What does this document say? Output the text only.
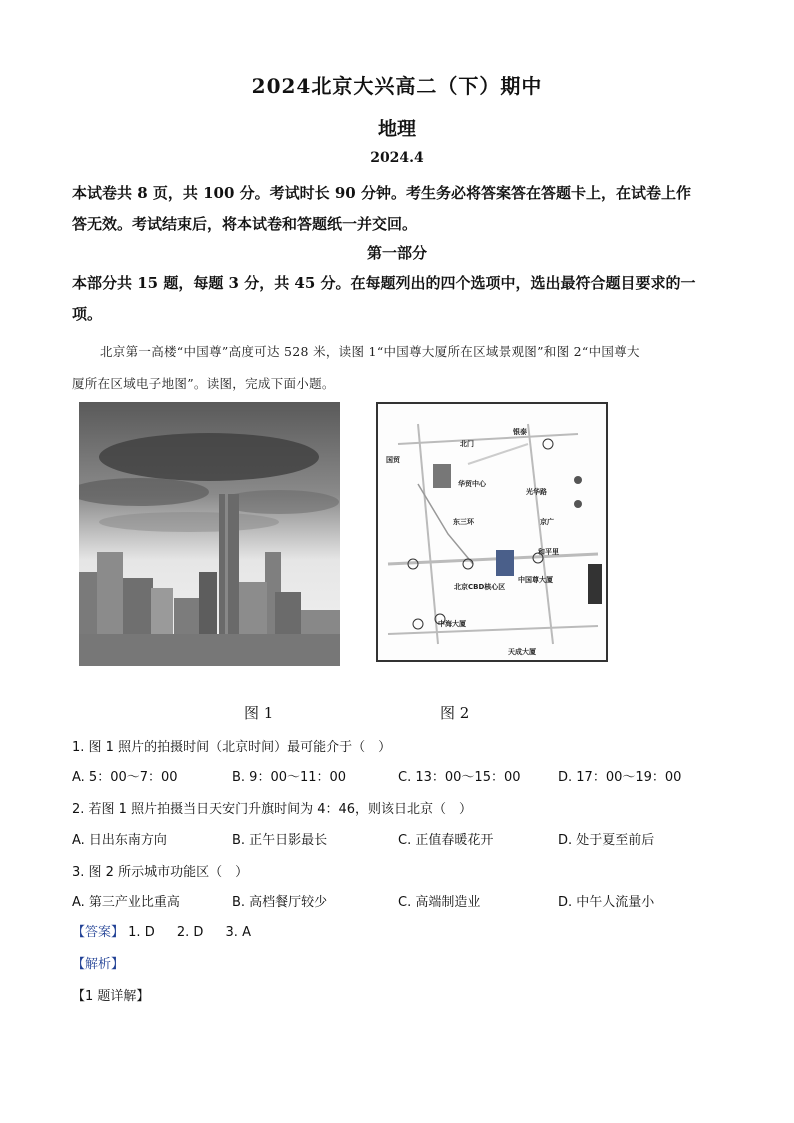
2024北京大兴高二（下）期中
地理
2024.4
本试卷共 8 页，共 100 分。考试时长 90 分钟。考生务必将答案答在答题卡上，在试卷上作
答无效。考试结束后，将本试卷和答题纸一并交回。
第一部分
本部分共 15 题，每题 3 分，共 45 分。在每题列出的四个选项中，选出最符合题目要求的一
项。
北京第一高楼“中国尊”高度可达 528 米，读图 1“中国尊大厦所在区域景观图”和图 2“中国尊大
厦所在区域电子地图”。读图，完成下面小题。
北门
东三环
国贸
北京CBD核心区
中国尊大厦
华贸中心
银泰
中海大厦
京广
和平里
光华路
天成大厦
图 1	图 2
1. 图 1 照片的拍摄时间（北京时间）最可能介于（　）
A. 5：00～7：00	B. 9：00～11：00	C. 13：00～15：00	D. 17：00～19：00
2. 若图 1 照片拍摄当日天安门升旗时间为 4：46，则该日北京（　）
A. 日出东南方向	B. 正午日影最长	C. 正值春暖花开	D. 处于夏至前后
3. 图 2 所示城市功能区（　）
A. 第三产业比重高	B. 高档餐厅较少	C. 高端制造业	D. 中午人流量小
【答案】 1. D 2. D 3. A
【解析】
【1 题详解】
